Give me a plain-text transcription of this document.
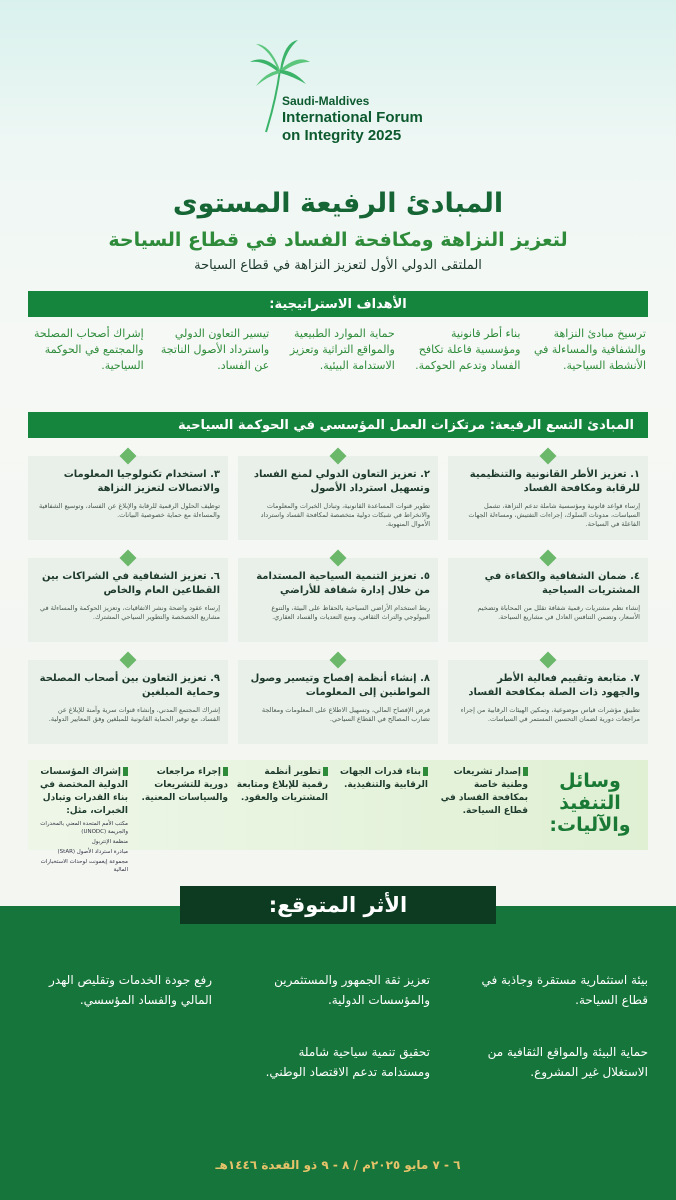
Saudi-Maldives
International Forum
on Integrity 2025
المبادئ الرفيعة المستوى
لتعزيز النزاهة ومكافحة الفساد في قطاع السياحة
الملتقى الدولي الأول لتعزيز النزاهة في قطاع السياحة
الأهداف الاستراتيجية:
ترسيخ مبادئ النزاهة والشفافية والمساءلة في الأنشطة السياحية.
بناء أطر قانونية ومؤسسية فاعلة تكافح الفساد وتدعم الحوكمة.
حماية الموارد الطبيعية والمواقع التراثية وتعزيز الاستدامة البيئية.
تيسير التعاون الدولي واسترداد الأصول الناتجة عن الفساد.
إشراك أصحاب المصلحة والمجتمع في الحوكمة السياحية.
المبادئ التسع الرفيعة: مرتكزات العمل المؤسسي في الحوكمة السياحية
١. تعزيز الأطر القانونية والتنظيمية للرقابة ومكافحة الفساد
إرساء قواعد قانونية ومؤسسية شاملة تدعم النزاهة، تشمل السياسات، مدونات السلوك، إجراءات التفتيش، ومساءلة الجهات الفاعلة في السياحة.
٢. تعزيز التعاون الدولي لمنع الفساد وتسهيل استرداد الأصول
تطوير قنوات المساعدة القانونية، وتبادل الخبرات والمعلومات والانخراط في شبكات دولية متخصصة لمكافحة الفساد واسترداد الأموال المنهوبة.
٣. استخدام تكنولوجيا المعلومات والاتصالات لتعزيز النزاهة
توظيف الحلول الرقمية للرقابة والإبلاغ عن الفساد، وتوسيع الشفافية والمساءلة مع حماية خصوصية البيانات.
٤. ضمان الشفافية والكفاءة في المشتريات السياحية
إنشاء نظم مشتريات رقمية شفافة تقلل من المحاباة وتضخيم الأسعار، وتضمن التنافس العادل في مشاريع السياحة.
٥. تعزيز التنمية السياحية المستدامة من خلال إدارة شفافة للأراضي
ربط استخدام الأراضي السياحية بالحفاظ على البيئة، والتنوع البيولوجي والتراث الثقافي، ومنع التعديات والفساد العقاري.
٦. تعزيز الشفافية في الشراكات بين القطاعين العام والخاص
إرساء عقود واضحة ونشر الاتفاقيات، وتعزيز الحوكمة والمساءلة في مشاريع الخصخصة والتطوير السياحي المشترك.
٧. متابعة وتقييم فعالية الأطر والجهود ذات الصلة بمكافحة الفساد
تطبيق مؤشرات قياس موضوعية، وتمكين الهيئات الرقابية من إجراء مراجعات دورية لضمان التحسين المستمر في السياسات.
٨. إنشاء أنظمة إفصاح وتيسير وصول المواطنين إلى المعلومات
فرض الإفصاح المالي، وتسهيل الاطلاع على المعلومات ومعالجة تضارب المصالح في القطاع السياحي.
٩. تعزيز التعاون بين أصحاب المصلحة وحماية المبلغين
إشراك المجتمع المدني، وإنشاء قنوات سرية وآمنة للإبلاغ عن الفساد، مع توفير الحماية القانونية للمبلغين وفق المعايير الدولية.
وسائل التنفيذ والآليات:
إصدار تشريعات وطنية خاصة بمكافحة الفساد في قطاع السياحة.
بناء قدرات الجهات الرقابية والتنفيذية.
تطوير أنظمة رقمية للإبلاغ ومتابعة المشتريات والعقود.
إجراء مراجعات دورية للتشريعات والسياسات المعنية.
إشراك المؤسسات الدولية المختصة في بناء القدرات وتبادل الخبرات، مثل:
مكتب الأمم المتحدة المعني بالمخدرات والجريمة (UNODC)
منظمة الإنتربول
مبادرة استرداد الأصول (StAR)
مجموعة إيغمونت لوحدات الاستخبارات المالية
الأثر المتوقع:
بيئة استثمارية مستقرة وجاذبة في قطاع السياحة.
تعزيز ثقة الجمهور والمستثمرين والمؤسسات الدولية.
رفع جودة الخدمات وتقليص الهدر المالي والفساد المؤسسي.
حماية البيئة والمواقع الثقافية من الاستغلال غير المشروع.
تحقيق تنمية سياحية شاملة ومستدامة تدعم الاقتصاد الوطني.
٦ - ٧ مايو ٢٠٢٥م / ٨ - ٩ ذو القعدة ١٤٤٦هـ
